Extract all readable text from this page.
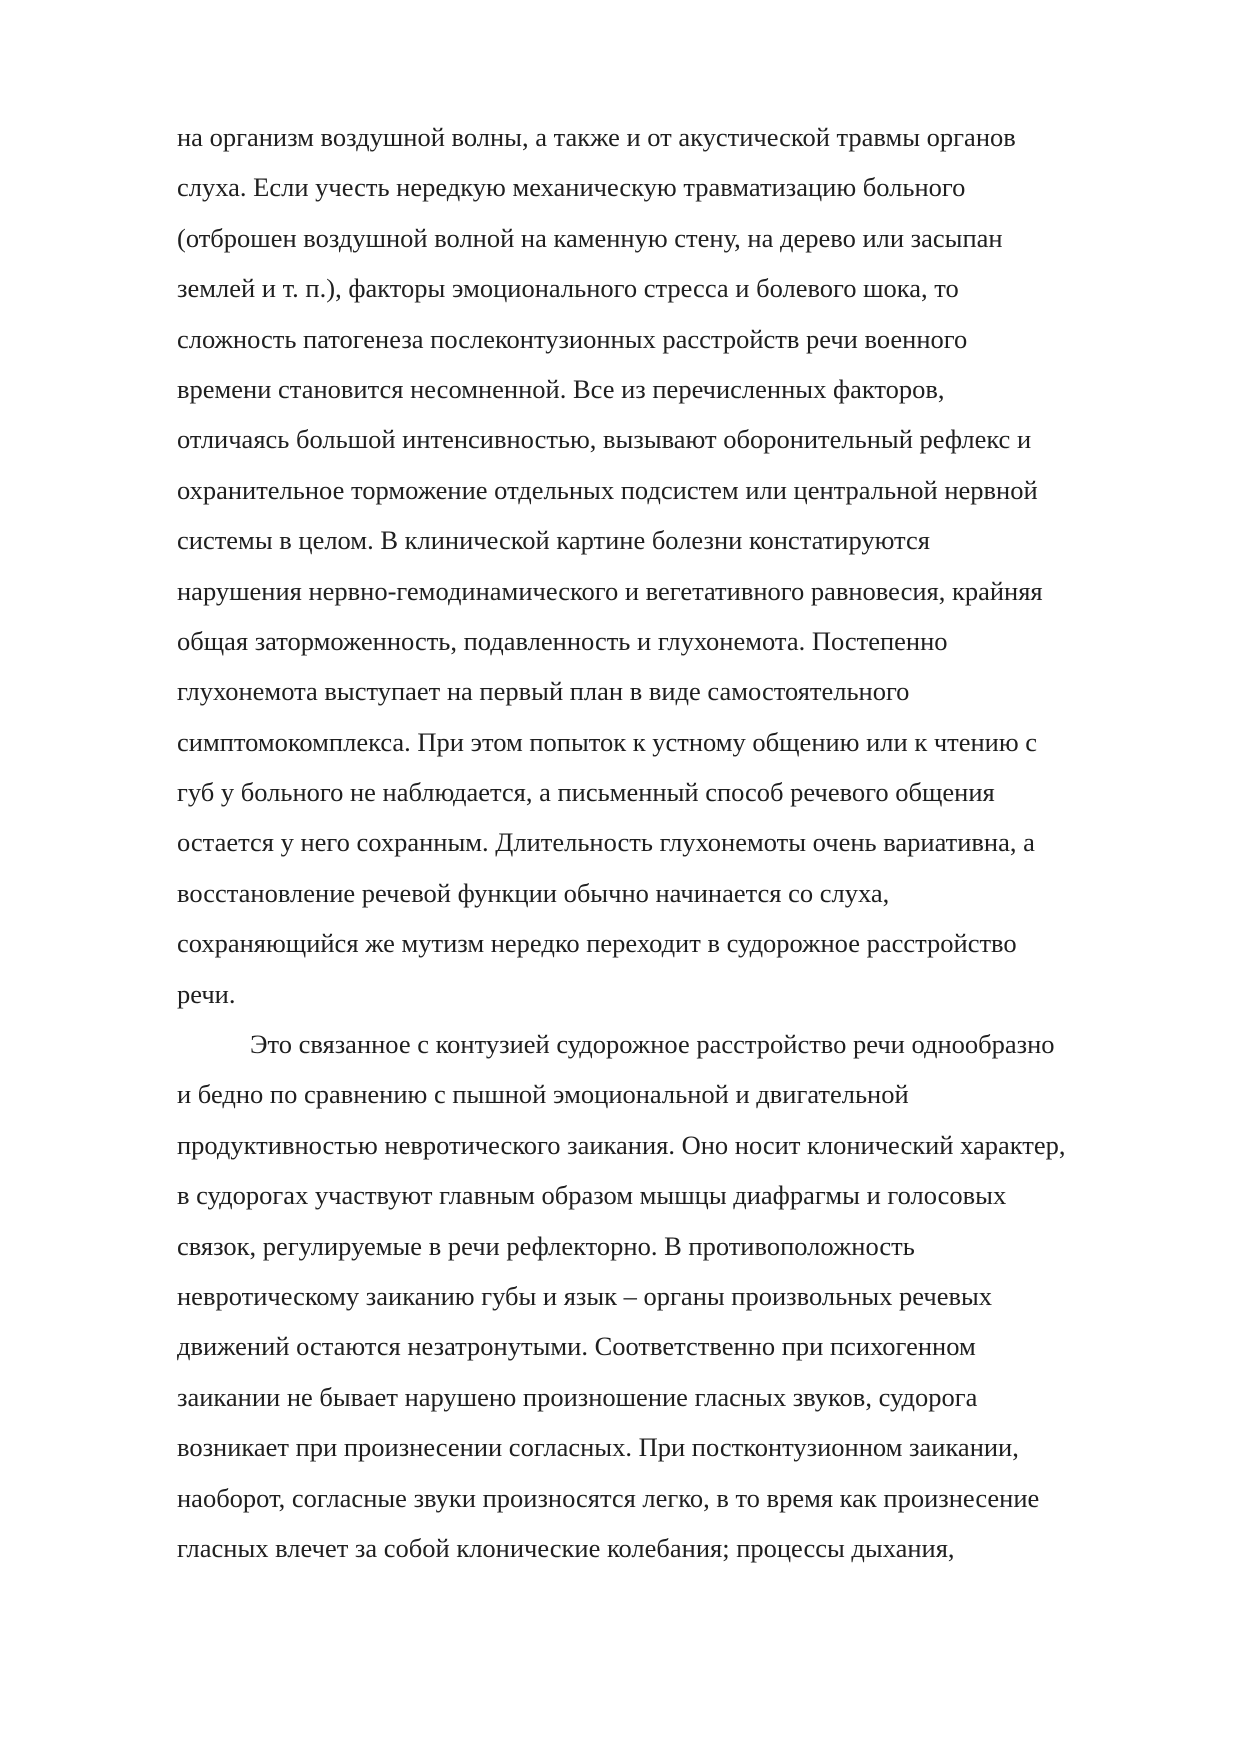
на организм воздушной волны, а также и от акустической травмы органов
слуха. Если учесть нередкую механическую травматизацию больного
(отброшен воздушной волной на каменную стену, на дерево или засыпан
землей и т. п.), факторы эмоционального стресса и болевого шока, то
сложность патогенеза послеконтузионных расстройств речи военного
времени становится несомненной. Все из перечисленных факторов,
отличаясь большой интенсивностью, вызывают оборонительный рефлекс и
охранительное торможение отдельных подсистем или центральной нервной
системы в целом. В клинической картине болезни констатируются
нарушения нервно-гемодинамического и вегетативного равновесия, крайняя
общая заторможенность, подавленность и глухонемота. Постепенно
глухонемота выступает на первый план в виде самостоятельного
симптомокомплекса. При этом попыток к устному общению или к чтению с
губ у больного не наблюдается, а письменный способ речевого общения
остается у него сохранным. Длительность глухонемоты очень вариативна, а
восстановление речевой функции обычно начинается со слуха,
сохраняющийся же мутизм нередко переходит в судорожное расстройство
речи.
Это связанное с контузией судорожное расстройство речи однообразно
и бедно по сравнению с пышной эмоциональной и двигательной
продуктивностью невротического заикания. Оно носит клонический характер,
в судорогах участвуют главным образом мышцы диафрагмы и голосовых
связок, регулируемые в речи рефлекторно. В противоположность
невротическому заиканию губы и язык – органы произвольных речевых
движений остаются незатронутыми. Соответственно при психогенном
заикании не бывает нарушено произношение гласных звуков, судорога
возникает при произнесении согласных. При постконтузионном заикании,
наоборот, согласные звуки произносятся легко, в то время как произнесение
гласных влечет за собой клонические колебания; процессы дыхания,
